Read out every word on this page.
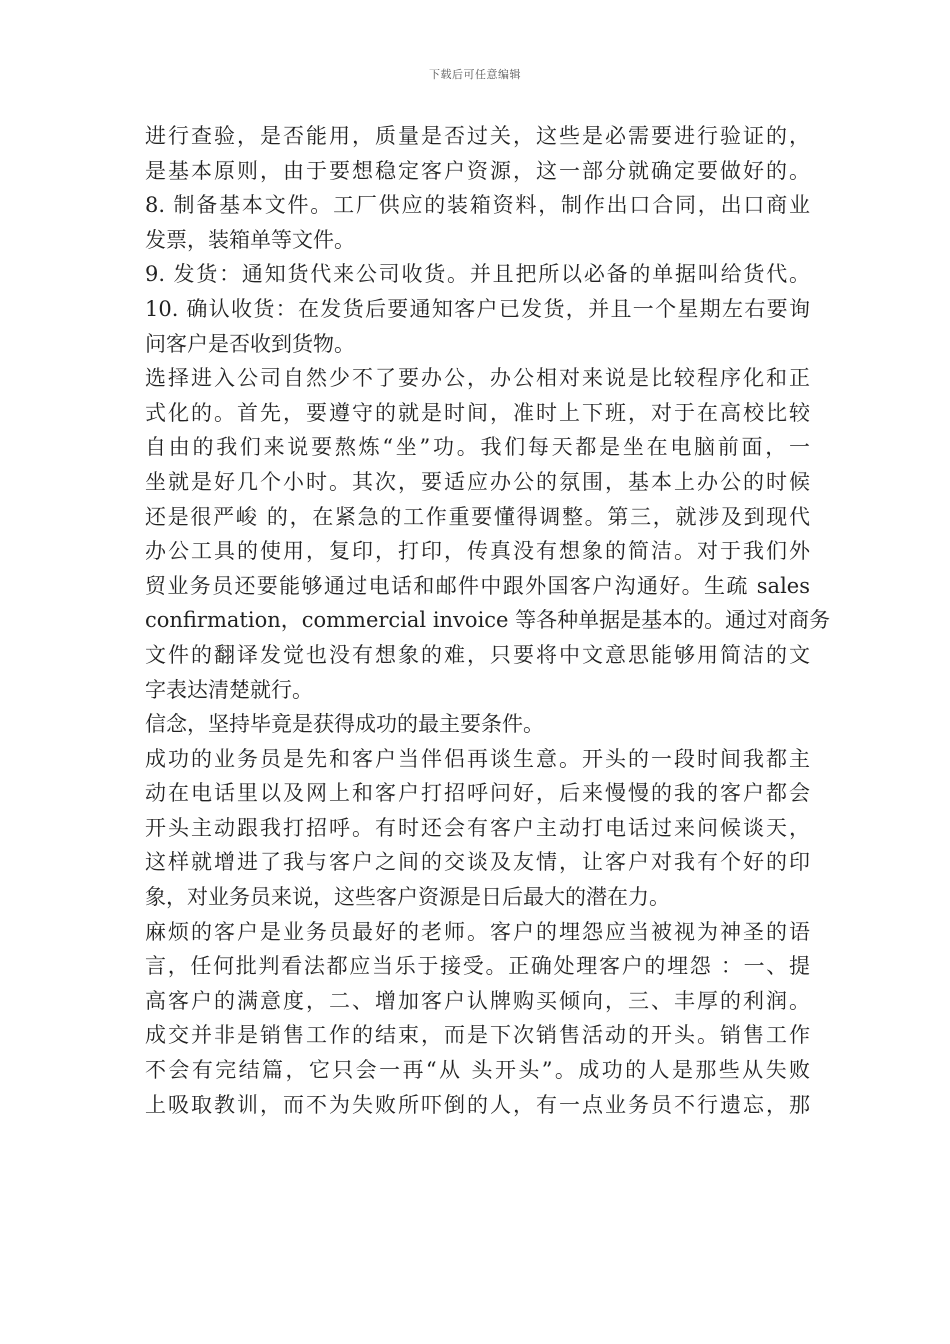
下载后可任意编辑
进行查验，是否能用，质量是否过关，这些是必需要进行验证的，
是基本原则，由于要想稳定客户资源，这一部分就确定要做好的。
8. 制备基本文件。工厂供应的装箱资料，制作出口合同，出口商业
发票，装箱单等文件。
9. 发货：通知货代来公司收货。并且把所以必备的单据叫给货代。
10. 确认收货：在发货后要通知客户已发货，并且一个星期左右要询
问客户是否收到货物。
选择进入公司自然少不了要办公，办公相对来说是比较程序化和正
式化的。首先，要遵守的就是时间，准时上下班，对于在高校比较
自由的我们来说要熬炼“坐”功。我们每天都是坐在电脑前面，一
坐就是好几个小时。其次，要适应办公的氛围，基本上办公的时候
还是很严峻 的，在紧急的工作重要懂得调整。第三，就涉及到现代
办公工具的使用，复印，打印，传真没有想象的简洁。对于我们外
贸业务员还要能够通过电话和邮件中跟外国客户沟通好。生疏 sales
confirmation，commercial invoice 等各种单据是基本的。通过对商务
文件的翻译发觉也没有想象的难，只要将中文意思能够用简洁的文
字表达清楚就行。
信念，坚持毕竟是获得成功的最主要条件。
成功的业务员是先和客户当伴侣再谈生意。开头的一段时间我都主
动在电话里以及网上和客户打招呼问好，后来慢慢的我的客户都会
开头主动跟我打招呼。有时还会有客户主动打电话过来问候谈天，
这样就增进了我与客户之间的交谈及友情，让客户对我有个好的印
象，对业务员来说，这些客户资源是日后最大的潜在力。
麻烦的客户是业务员最好的老师。客户的埋怨应当被视为神圣的语
言，任何批判看法都应当乐于接受。正确处理客户的埋怨 ：一、提
高客户的满意度，二、增加客户认牌购买倾向，三、丰厚的利润。
成交并非是销售工作的结束，而是下次销售活动的开头。销售工作
不会有完结篇，它只会一再“从 头开头”。成功的人是那些从失败
上吸取教训，而不为失败所吓倒的人，有一点业务员不行遗忘，那
